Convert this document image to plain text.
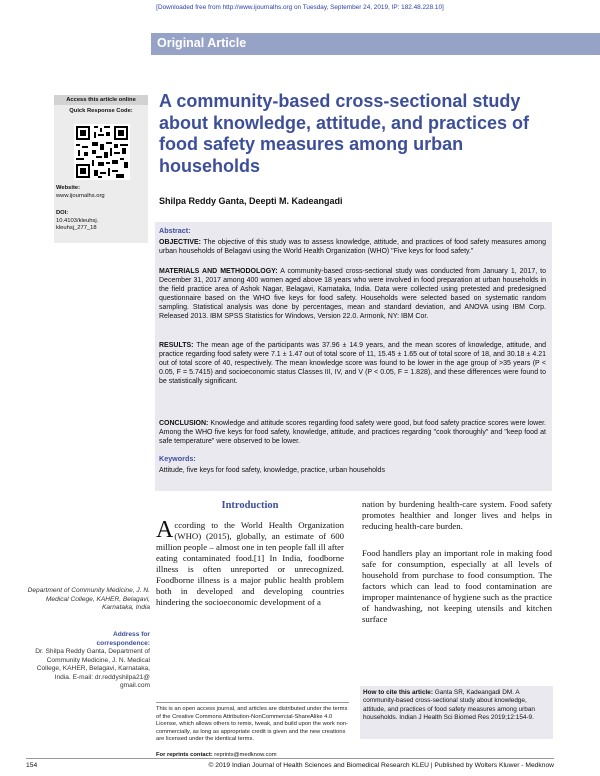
[Downloaded free from http://www.ijournalhs.org on Tuesday, September 24, 2019, IP: 182.48.228.10]
Original Article
Access this article online
Quick Response Code:
Website:
www.ijournalhs.org
DOI:
10.4103/kleuhsj.
kleuhsj_277_18
A community-based cross-sectional study about knowledge, attitude, and practices of food safety measures among urban households
Shilpa Reddy Ganta, Deepti M. Kadeangadi
Abstract:

OBJECTIVE: The objective of this study was to assess knowledge, attitude, and practices of food safety measures among urban households of Belagavi using the World Health Organization (WHO) "Five keys for food safety."

MATERIALS AND METHODOLOGY: A community-based cross-sectional study was conducted from January 1, 2017, to December 31, 2017 among 400 women aged above 18 years who were involved in food preparation at urban households in the field practice area of Ashok Nagar, Belagavi, Karnataka, India. Data were collected using pretested and predesigned questionnaire based on the WHO five keys for food safety. Households were selected based on systematic random sampling. Statistical analysis was done by percentages, mean and standard deviation, and ANOVA using IBM Corp. Released 2013. IBM SPSS Statistics for Windows, Version 22.0. Armonk, NY: IBM Cor.

RESULTS: The mean age of the participants was 37.96 ± 14.9 years, and the mean scores of knowledge, attitude, and practice regarding food safety were 7.1 ± 1.47 out of total score of 11, 15.45 ± 1.65 out of total score of 18, and 30.18 ± 4.21 out of total score of 40, respectively. The mean knowledge score was found to be lower in the age group of >35 years (P < 0.05, F = 5.7415) and socioeconomic status Classes III, IV, and V (P < 0.05, F = 1.828), and these differences were found to be statistically significant.

CONCLUSION: Knowledge and attitude scores regarding food safety were good, but food safety practice scores were lower. Among the WHO five keys for food safety, knowledge, attitude, and practices regarding "cook thoroughly" and "keep food at safe temperature" were observed to be lower.

Keywords:

Attitude, five keys for food safety, knowledge, practice, urban households

Introduction
According to the World Health Organization (WHO) (2015), globally, an estimate of 600 million people – almost one in ten people fall ill after eating contaminated food.[1] In India, foodborne illness is often unreported or unrecognized. Foodborne illness is a major public health problem both in developed and developing countries hindering the socioeconomic development of a
nation by burdening health-care system. Food safety promotes healthier and longer lives and helps in reducing health-care burden.
Food handlers play an important role in making food safe for consumption, especially at all levels of household from purchase to food consumption. The factors which can lead to food contamination are improper maintenance of hygiene such as the practice of handwashing, not keeping utensils and kitchen surface
Department of Community Medicine, J. N. Medical College, KAHER, Belagavi, Karnataka, India
Address for
correspondence:
Dr. Shilpa Reddy Ganta, Department of Community Medicine, J. N. Medical College, KAHER, Belagavi, Karnataka, India. E-mail: dr.reddyshilpa21@ gmail.com
This is an open access journal, and articles are distributed under the terms of the Creative Commons Attribution-NonCommercial-ShareAlike 4.0 License, which allows others to remix, tweak, and build upon the work non-commercially, as long as appropriate credit is given and the new creations are licensed under the identical terms.
For reprints contact: reprints@medknow.com
How to cite this article: Ganta SR, Kadeangadi DM. A community-based cross-sectional study about knowledge, attitude, and practices of food safety measures among urban households. Indian J Health Sci Biomed Res 2019;12:154-9.
154	© 2019 Indian Journal of Health Sciences and Biomedical Research KLEU | Published by Wolters Kluwer - Medknow
